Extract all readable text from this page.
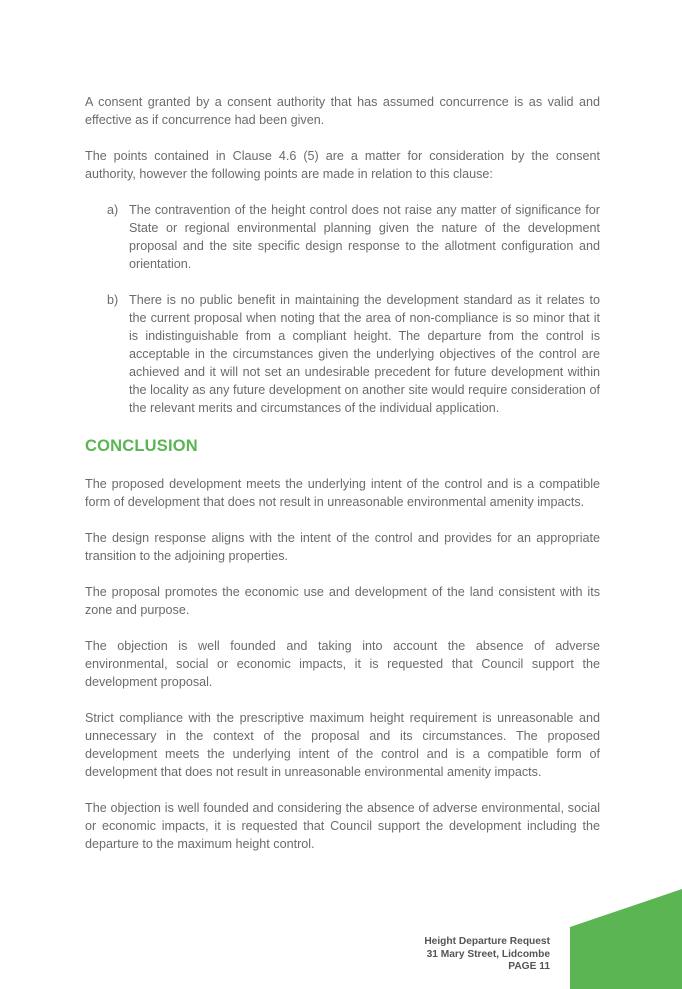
A consent granted by a consent authority that has assumed concurrence is as valid and effective as if concurrence had been given.

The points contained in Clause 4.6 (5) are a matter for consideration by the consent authority, however the following points are made in relation to this clause:

a) The contravention of the height control does not raise any matter of significance for State or regional environmental planning given the nature of the development proposal and the site specific design response to the allotment configuration and orientation.

b) There is no public benefit in maintaining the development standard as it relates to the current proposal when noting that the area of non-compliance is so minor that it is indistinguishable from a compliant height. The departure from the control is acceptable in the circumstances given the underlying objectives of the control are achieved and it will not set an undesirable precedent for future development within the locality as any future development on another site would require consideration of the relevant merits and circumstances of the individual application.

CONCLUSION

The proposed development meets the underlying intent of the control and is a compatible form of development that does not result in unreasonable environmental amenity impacts.

The design response aligns with the intent of the control and provides for an appropriate transition to the adjoining properties.

The proposal promotes the economic use and development of the land consistent with its zone and purpose.

The objection is well founded and taking into account the absence of adverse environmental, social or economic impacts, it is requested that Council support the development proposal.

Strict compliance with the prescriptive maximum height requirement is unreasonable and unnecessary in the context of the proposal and its circumstances. The proposed development meets the underlying intent of the control and is a compatible form of development that does not result in unreasonable environmental amenity impacts.

The objection is well founded and considering the absence of adverse environmental, social or economic impacts, it is requested that Council support the development including the departure to the maximum height control.

Height Departure Request
31 Mary Street, Lidcombe
PAGE 11
